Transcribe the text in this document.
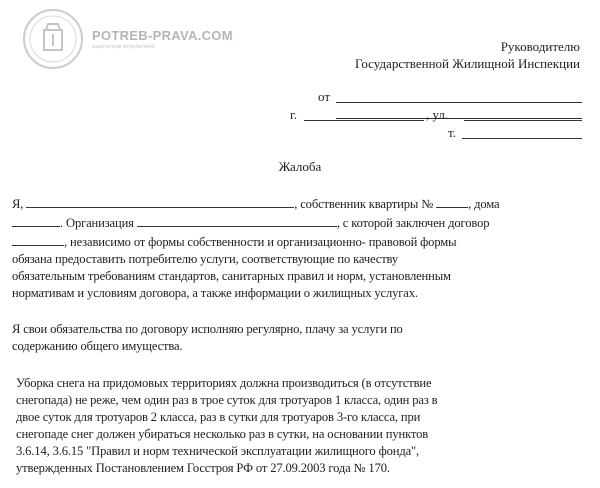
POTREB-PRAVA.COM
защита прав потребителей	Руководителю
Государственной Жилищной Инспекции
от
г.	, ул.
т.
Жалоба
Я,	, собственник квартиры №	, дома
. Организация	, с которой заключен договор
, независимо от формы собственности и организационно- правовой формы
обязана предоставить потребителю услуги, соответствующие по качеству
обязательным требованиям стандартов, санитарных правил и норм, установленным
нормативам и условиям договора, а также информации о жилищных услугах.
Я свои обязательства по договору исполняю регулярно, плачу за услуги по
содержанию общего имущества.
Уборка снега на придомовых территориях должна производиться (в отсутствие
снегопада) не реже, чем один раз в трое суток для тротуаров 1 класса, один раз в
двое суток для тротуаров 2 класса, раз в сутки для тротуаров 3-го класса, при
снегопаде снег должен убираться несколько раз в сутки, на основании пунктов
3.6.14, 3.6.15 "Правил и норм технической эксплуатации жилищного фонда",
утвержденных Постановлением Госстроя РФ от 27.09.2003 года № 170.
